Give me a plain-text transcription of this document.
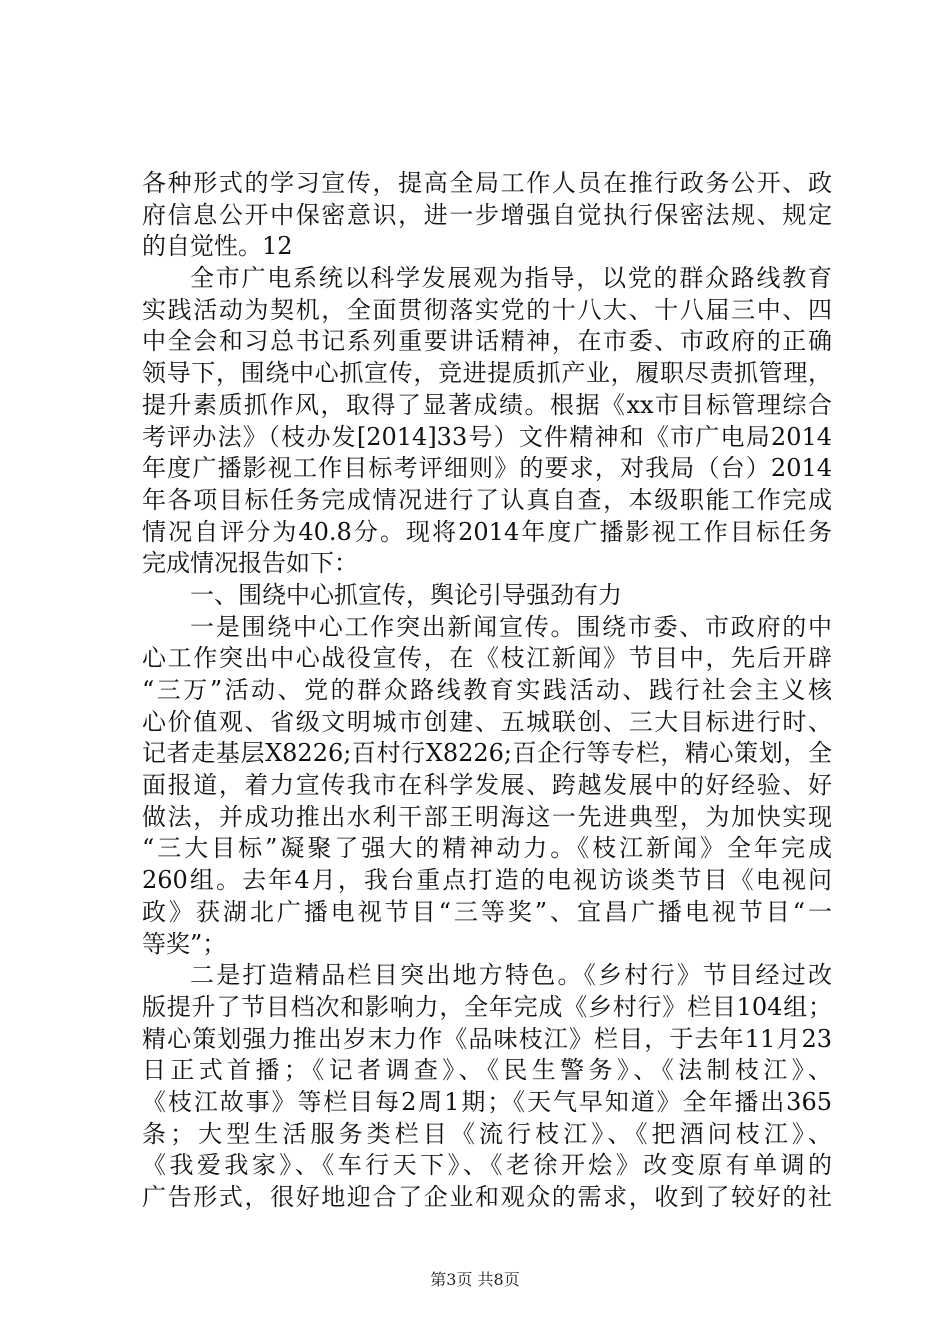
各种形式的学习宣传，提高全局工作人员在推行政务公开、政
府信息公开中保密意识，进一步增强自觉执行保密法规、规定
的自觉性。12
全市广电系统以科学发展观为指导，以党的群众路线教育
实践活动为契机，全面贯彻落实党的十八大、十八届三中、四
中全会和习总书记系列重要讲话精神，在市委、市政府的正确
领导下，围绕中心抓宣传，竞进提质抓产业，履职尽责抓管理，
提升素质抓作风，取得了显著成绩。根据《xx市目标管理综合
考评办法》（枝办发[2014]33号）文件精神和《市广电局2014
年度广播影视工作目标考评细则》的要求，对我局（台）2014
年各项目标任务完成情况进行了认真自查，本级职能工作完成
情况自评分为40.8分。现将2014年度广播影视工作目标任务
完成情况报告如下：
一、围绕中心抓宣传，舆论引导强劲有力
一是围绕中心工作突出新闻宣传。围绕市委、市政府的中
心工作突出中心战役宣传，在《枝江新闻》节目中，先后开辟
“三万”活动、党的群众路线教育实践活动、践行社会主义核
心价值观、省级文明城市创建、五城联创、三大目标进行时、
记者走基层X8226;百村行X8226;百企行等专栏，精心策划，全
面报道，着力宣传我市在科学发展、跨越发展中的好经验、好
做法，并成功推出水利干部王明海这一先进典型，为加快实现
“三大目标”凝聚了强大的精神动力。《枝江新闻》全年完成
260组。去年4月，我台重点打造的电视访谈类节目《电视问
政》获湖北广播电视节目“三等奖”、宜昌广播电视节目“一
等奖”；
二是打造精品栏目突出地方特色。《乡村行》节目经过改
版提升了节目档次和影响力，全年完成《乡村行》栏目104组；
精心策划强力推出岁末力作《品味枝江》栏目，于去年11月23
日正式首播；《记者调查》、《民生警务》、《法制枝江》、
《枝江故事》等栏目每2周1期；《天气早知道》全年播出365
条；大型生活服务类栏目《流行枝江》、《把酒问枝江》、
《我爱我家》、《车行天下》、《老徐开烩》改变原有单调的
广告形式，很好地迎合了企业和观众的需求，收到了较好的社
第3页 共8页
